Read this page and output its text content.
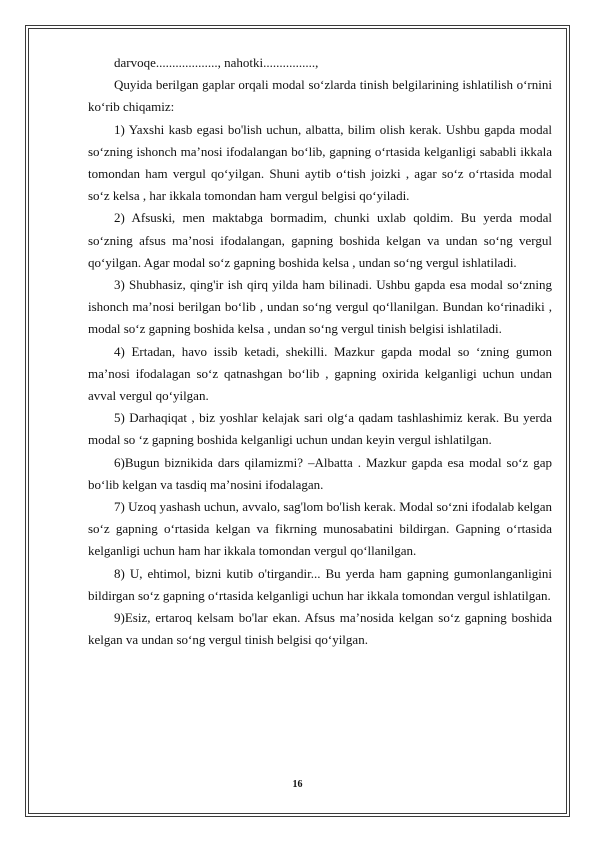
darvoqe..................., nahotki................,

Quyida berilgan gaplar orqali modal so‘zlarda tinish belgilarining ishlatilish o‘rnini ko‘rib chiqamiz:

1) Yaxshi kasb egasi bo'lish uchun, albatta, bilim olish kerak. Ushbu gapda modal so‘zning ishonch ma’nosi ifodalangan bo‘lib, gapning o‘rtasida kelganligi sababli ikkala tomondan ham vergul qo‘yilgan. Shuni aytib o‘tish joizki , agar so‘z o‘rtasida modal so‘z kelsa , har ikkala tomondan ham vergul belgisi qo‘yiladi.

2) Afsuski, men maktabga bormadim, chunki uxlab qoldim. Bu yerda modal so‘zning afsus ma’nosi ifodalangan, gapning boshida kelgan va undan so‘ng vergul qo‘yilgan. Agar modal so‘z gapning boshida kelsa , undan so‘ng vergul ishlatiladi.

3) Shubhasiz, qing'ir ish qirq yilda ham bilinadi. Ushbu gapda esa modal so‘zning ishonch ma’nosi berilgan bo‘lib , undan so‘ng vergul qo‘llanilgan. Bundan ko‘rinadiki , modal so‘z gapning boshida kelsa , undan so‘ng vergul tinish belgisi ishlatiladi.

4) Ertadan, havo issib ketadi, shekilli. Mazkur gapda modal so ‘zning gumon ma’nosi ifodalagan so‘z qatnashgan bo‘lib , gapning oxirida kelganligi uchun undan avval vergul qo‘yilgan.

5) Darhaqiqat , biz yoshlar kelajak sari olg‘a qadam tashlashimiz kerak. Bu yerda modal so ‘z gapning boshida kelganligi uchun undan keyin vergul ishlatilgan.

6)Bugun biznikida dars qilamizmi? –Albatta . Mazkur gapda esa modal so‘z gap bo‘lib kelgan va tasdiq ma’nosini ifodalagan.

7) Uzoq yashash uchun, avvalo, sag'lom bo'lish kerak. Modal so‘zni ifodalab kelgan so‘z gapning o‘rtasida kelgan va fikrning munosabatini bildirgan. Gapning o‘rtasida kelganligi uchun ham har ikkala tomondan vergul qo‘llanilgan.

8) U, ehtimol, bizni kutib o'tirgandir... Bu yerda ham gapning gumonlanganligini bildirgan so‘z gapning o‘rtasida kelganligi uchun har ikkala tomondan vergul ishlatilgan.

9)Esiz, ertaroq kelsam bo'lar ekan. Afsus ma’nosida kelgan so‘z gapning boshida kelgan va undan so‘ng vergul tinish belgisi qo‘yilgan.

16
